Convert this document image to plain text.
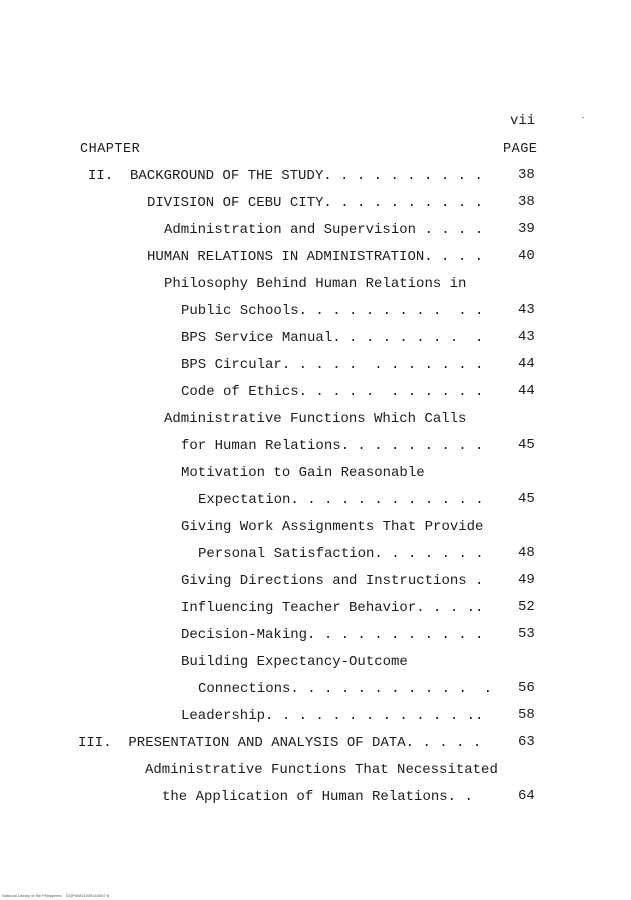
vii
CHAPTER	PAGE
II.  BACKGROUND OF THE STUDY. . . . . . . . . .	38
DIVISION OF CEBU CITY. . . . . . . . . . 38
Administration and Supervision . . . . 39
HUMAN RELATIONS IN ADMINISTRATION. . . . 40
Philosophy Behind Human Relations in
Public Schools. . . . . . . . .  . . 43
BPS Service Manual. . . . . . . .  . 43
BPS Circular. . . . .  . . . . . . . 44
Code of Ethics. . . . .  . . . . . . 44
Administrative Functions Which Calls
for Human Relations. . . . . . . . . 45
Motivation to Gain Reasonable
Expectation. . . . . . . . . . . . 45
Giving Work Assignments That Provide
Personal Satisfaction. . . . . . . 48
Giving Directions and Instructions . 49
Influencing Teacher Behavior. . . .. 52
Decision-Making. . . . . . . . . . . 53
Building Expectancy-Outcome
Connections. . . . . . . . . . .  . 56
Leadership. . . . . . . . . . . . .. 58
III.  PRESENTATION AND ANALYSIS OF DATA. . . . .	63
Administrative Functions That Necessitated
the Application of Human Relations. .	64
National Library of the Philippines    DQP00811009154067 iii
